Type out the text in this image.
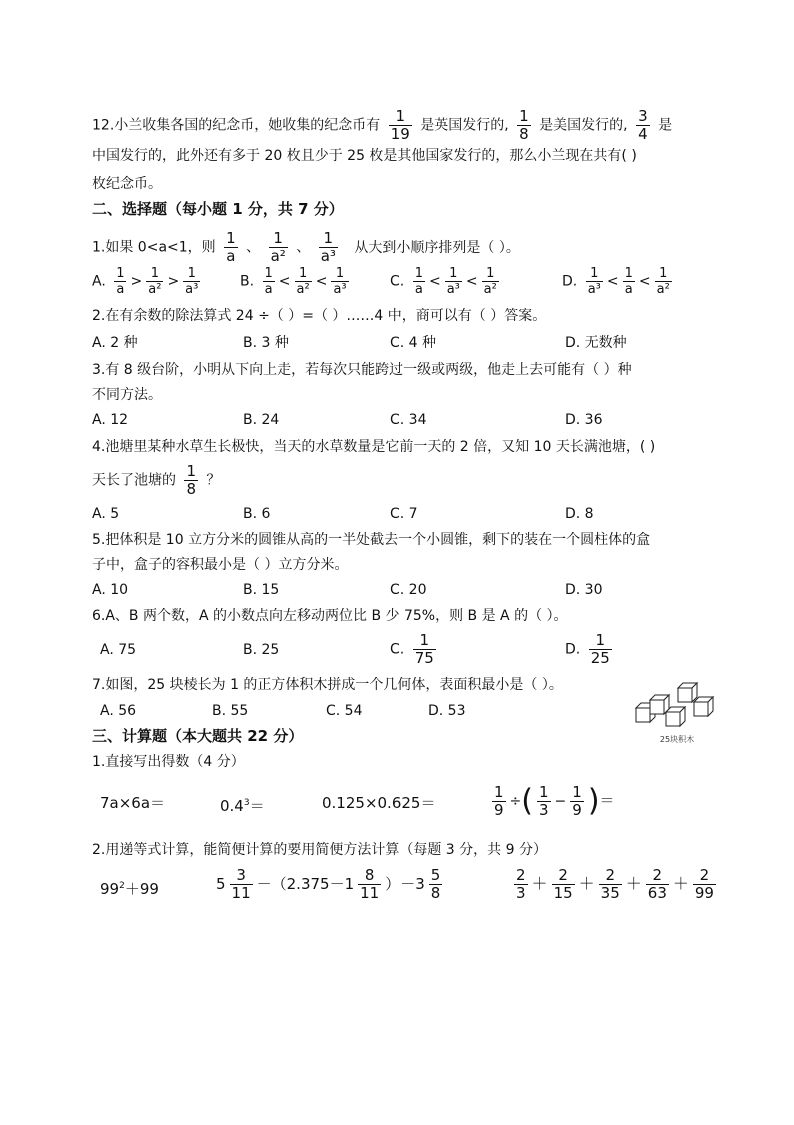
12.小兰收集各国的纪念币，她收集的纪念币有 $\frac{1}{19}$ 是英国发行的, $\frac{1}{8}$ 是美国发行的, $\frac{3}{4}$ 是
中国发行的，此外还有多于 20 枚且少于 25 枚是其他国家发行的，那么小兰现在共有( )
枚纪念币。
二、选择题（每小题 1 分，共 7 分）
1.如果 0<a<1，则 $\frac{1}{a}$ 、 $\frac{1}{\text{a²}}$ 、 $\frac{1}{\text{a³}}$ 从大到小顺序排列是（ ）。
A. $\frac{1}{a} > \frac{1}{\text{a²}} > \frac{1}{\text{a³}}$	B. $\frac{1}{a} < \frac{1}{\text{a²}} < \frac{1}{\text{a³}}$	C. $\frac{1}{a} < \frac{1}{\text{a³}} < \frac{1}{\text{a²}}$	D. $\frac{1}{\text{a³}} < \frac{1}{a} < \frac{1}{\text{a²}}$
2.在有余数的除法算式 24 ÷（ ）=（ ）……4 中，商可以有（ ）答案。
A. 2 种	B. 3 种	C. 4 种	D. 无数种
3.有 8 级台阶，小明从下向上走，若每次只能跨过一级或两级，他走上去可能有（ ）种
不同方法。
A. 12	B. 24	C. 34	D. 36
4.池塘里某种水草生长极快，当天的水草数量是它前一天的 2 倍，又知 10 天长满池塘，( )
天长了池塘的 $\frac{1}{8}$ ？
A. 5	B. 6	C. 7	D. 8
5.把体积是 10 立方分米的圆锥从高的一半处截去一个小圆锥，剩下的装在一个圆柱体的盒
子中，盒子的容积最小是（ ）立方分米。
A. 10	B. 15	C. 20	D. 30
6.A、B 两个数，A 的小数点向左移动两位比 B 少 75%，则 B 是 A 的（ ）。
A. 75	B. 25	C. $\frac{1}{75}$	D. $\frac{1}{25}$
7.如图，25 块棱长为 1 的正方体积木拼成一个几何体，表面积最小是（ ）。
A. 56	B. 55	C. 54	D. 53
25块积木
三、计算题（本大题共 22 分）
1.直接写出得数（4 分）
7a×6a＝	$0.4^3=$	0.125×0.625＝	$\frac{1}{9}$ ÷( $\frac{1}{3} - \frac{1}{9}$ )＝
2.用递等式计算，能简便计算的要用简便方法计算（每题 3 分，共 9 分）
$99^2+99$	$5 \frac{3}{11} -(2.375-1 \frac{8}{11} )-3 \frac{5}{8}$	$\frac{2}{3} + \frac{2}{15} + \frac{2}{35} + \frac{2}{63} + \frac{2}{99}$
